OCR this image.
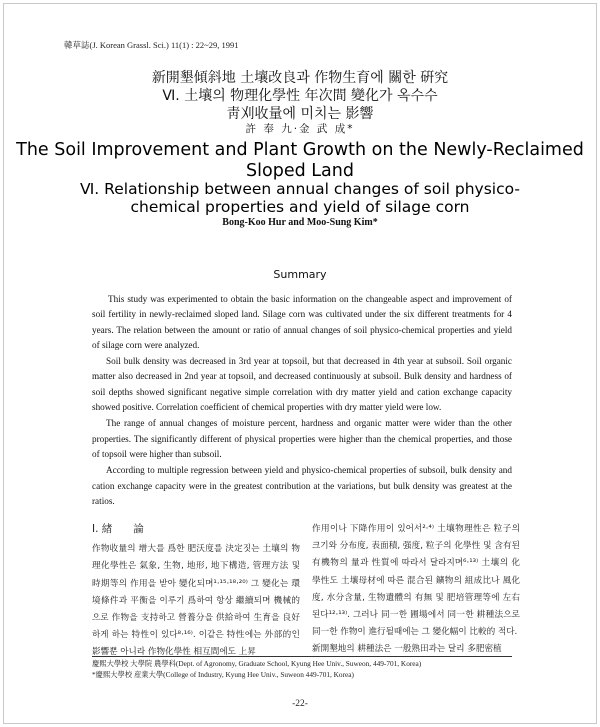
韓草誌(J. Korean Grassl. Sci.) 11(1) : 22~29, 1991
新開墾傾斜地 土壤改良과 作物生育에 關한 硏究
Ⅵ. 土壤의 物理化學性 年次間 變化가 옥수수
靑刈收量에 미치는 影響
許 奉 九·金 武 成*
The Soil Improvement and Plant Growth on the Newly-Reclaimed
Sloped Land
Ⅵ. Relationship between annual changes of soil physico-
chemical properties and yield of silage corn
Bong-Koo Hur and Moo-Sung Kim*
Summary

This study was experimented to obtain the basic information on the changeable aspect and improvement of soil fertility in newly-reclaimed sloped land. Silage corn was cultivated under the six different treatments for 4 years. The relation between the amount or ratio of annual changes of soil physico-chemical properties and yield of silage corn were analyzed.

Soil bulk density was decreased in 3rd year at topsoil, but that decreased in 4th year at subsoil. Soil organic matter also decreased in 2nd year at topsoil, and decreased continuously at subsoil. Bulk density and hardness of soil depths showed significant negative simple correlation with dry matter yield and cation exchange capacity showed positive. Correlation coefficient of chemical properties with dry matter yield were low.

The range of annual changes of moisture percent, hardness and organic matter were wider than the other properties. The significantly different of physical properties were higher than the chemical properties, and those of topsoil were higher than subsoil.

According to multiple regression between yield and physico-chemical properties of subsoil, bulk density and cation exchange capacity were in the greatest contribution at the variations, but bulk density was greatest at the ratios.

Ⅰ. 緖　　論

作物收量의 增大를 爲한 肥沃度를 決定짓는 土壤의 物理化學性은 氣象, 生物, 地形, 地下構造, 管理方法 및 時期等의 作用을 받아 變化되며¹·¹⁵·¹⁸·²⁰⁾ 그 變化는 環境條件과 平衡을 이루기 爲하여 항상 繼續되며 機械的으로 作物을 支持하고 營養分을 供給하여 生育을 良好하게 하는 特性이 있다⁸·¹⁶⁾. 이같은 特性에는 外部的인 影響뿐 아니라 作物化學性 相互間에도 上昇

作用이나 下降作用이 있어서²·⁴⁾ 土壤物理性은 粒子의 크기와 分布度, 表面積, 强度, 粒子의 化學性 및 含有된 有機物의 量과 性質에 따라서 달라지며⁶·¹³⁾ 土壤의 化學性도 土壤母材에 따른 混合된 鑛物의 組成比나 風化度, 水分含量, 生物遺體의 有無 및 肥培管理等에 左右된다¹²·¹³⁾. 그러나 同一한 圃場에서 同一한 耕種法으로 同一한 作物이 進行될때에는 그 變化幅이 比較的 적다.

新開墾地의 耕種法은 一般熟田과는 달리 多肥密植

慶熙大學校 大學院 農學科(Dept. of Agronomy, Graduate School, Kyung Hee Univ., Suweon, 449-701, Korea)
*慶熙大學校 産業大學(College of Industry, Kyung Hee Univ., Suweon 449-701, Korea)
-22-
